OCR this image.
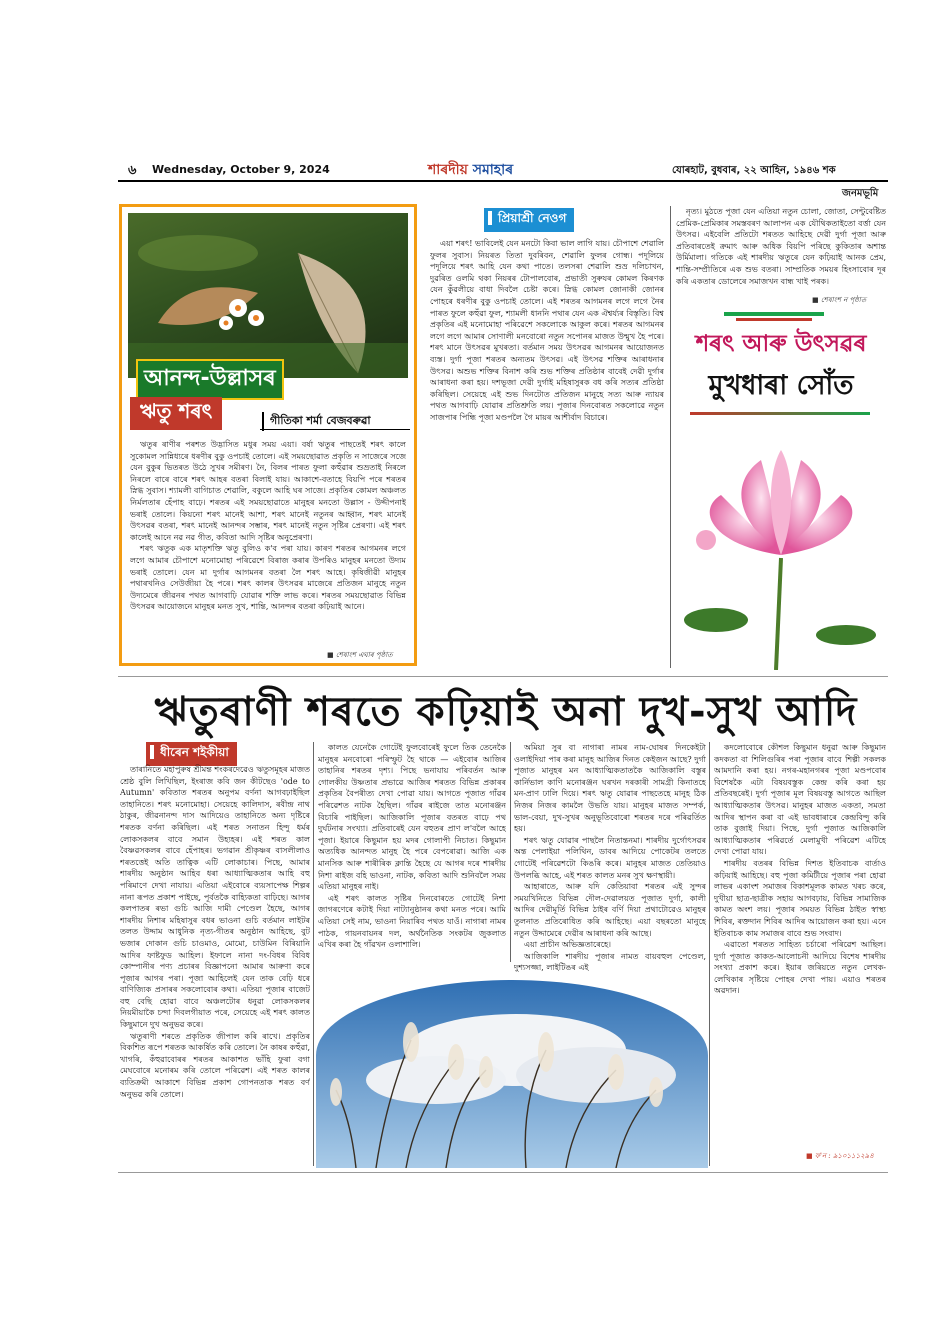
৬ Wednesday, October 9, 2024	শাৰদীয় সমাহাৰ	যোৰহাট, বুধবাৰ, ২২ আহিন, ১৯৪৬ শক
জনমভূমি
আনন্দ-উল্লাসৰ
ঋতু শৰৎ	গীতিকা শৰ্মা বেজবৰুৱা

ঋতুৰ ৰাণীৰ পৰশত উদ্ভাসিত মধুৰ সময় এয়া। বৰ্ষা ঋতুৰ পাছতেই শৰৎ কালে সুকোমল সান্নিধ্যৰে ধৰণীৰ বুকু ওপচাই তোলে। এই সময়ছোৱাত প্ৰকৃতি ন সাজেৰে সজে যেন বুকুৰ ভিতৰত উঠে সুখৰ সমীৰণ। নৈ, বিলৰ পাৰত ফুলা কহুঁৱাৰ শুভ্ৰতাই নিৰলে নিৰলে বাৰে বাৰে শৰৎ আহৰ বতৰা বিলাই যায়। আকাশে-বতাহে বিয়পি পৰে শৰতৰ স্নিগ্ধ সুবাস। শ্যামলী বাগিচাত শেৱালি, বকুলে আহি ঘৰ সাজে। প্ৰকৃতিৰ কোমল অঞ্চলত নিৰ্মলতাৰ হেঁপাহ বাঢ়ে। শৰতৰ এই সময়ছোৱাতে মানুহৰ মনতো উল্লাস - উদ্দীপনাই ভৰাই তোলে। কিয়নো শৰৎ মানেই আশা, শৰৎ মানেই নতুনৰ আহ্বান, শৰৎ মানেই উৎসৱৰ বতৰা, শৰৎ মানেই আনন্দৰ সম্ভাৰ, শৰৎ মানেই নতুন সৃষ্টিৰ প্ৰেৰণা। এই শৰৎ কালেই আনে নৱ নৱ গীত, কবিতা আদি সৃষ্টিৰ অনুপ্ৰেৰণা।

শৰৎ ঋতুক এক মাতৃশক্তি ঋতু বুলিও ক'ব পৰা যায়। কাৰণ শৰতৰ আগমনৰ লগে লগে আমাৰ চৌপাশে মনোমোহা পৰিৱেশে বিৰাজ কৰাৰ উপৰিও মানুহৰ মনতো উদ্যম ভৰাই তোলে। যেন মা দুৰ্গাৰ আগমনৰ বতৰা লৈ শৰৎ আহে। কৃষিজীৱী মানুহৰ পথাৰখনিও সেউজীয়া হৈ পৰে। শৰৎ কালৰ উৎসৱৰ মাজেৰে প্ৰতিজন মানুহে নতুন উদ্যমেৰে জীৱনৰ পথত আগবাঢ়ি যোৱাৰ শক্তি লাভ কৰে। শৰতৰ সময়ছোৱাত বিভিন্ন উৎসৱৰ আয়োজনে মানুহৰ মনত সুখ, শান্তি, আনন্দৰ বতৰা কঢ়িয়াই আনে।

■ শেষাংশ এঘাৰ পৃষ্ঠাত
প্ৰিয়াশ্ৰী নেওগ

এয়া শৰৎ! ভাবিলেই যেন মনটো কিবা ভাল লাগি যায়। চৌপাশে শেৱালি ফুলৰ সুবাস। নিয়ৰত তিতা দুবৰিবন, শেৱালি ফুলৰ গোন্ধ। পদূলিয়ে পদূলিয়ে শৰৎ আহি যেন কথা পাতে। তলসৰা শেৱালি শুভ্ৰ দলিচাখন, দুৱৰিত ওলমি থকা নিয়ৰৰ টোপালবোৰ, প্ৰভাতী সুৰুযৰ কোমল কিৰণক যেন কুঁৱলীয়ে বাধা দিবলৈ চেষ্টা কৰে। স্নিগ্ধ কোমল জোনাকী জোনৰ পোহৰে ধৰণীৰ বুকু ওপচাই তোলে। এই শৰতৰ আগমনৰ লগে লগে নৈৰ পাৰত ফুলে কহুঁৱা ফুল, শ্যামলী ধাননি পথাৰ যেন এক ঐশ্বৰ্য্যৰ বিস্তৃতি। বিশ্ব প্ৰকৃতিৰ এই মনোমোহা পৰিৱেশে সকলোকে আকুল কৰে। শৰতৰ আগমনৰ লগে লগে আমাৰ সোণালী মনবোৰো নতুন সপোনৰ মাজত উন্মুখ হৈ পৰে। শৰৎ মানে উৎসৱৰ মুখৰতা। বৰ্তমান সময় উৎসৱৰ আগমনৰ আয়োজনত ব্যস্ত। দুৰ্গা পূজা শৰতৰ অন্যতম উৎসৱ। এই উৎসৱ শক্তিৰ আৰাধনাৰ উৎসৱ। অশুভ শক্তিৰ বিনাশ কৰি শুভ শক্তিৰ প্ৰতিষ্ঠাৰ বাবেই দেৱী দুৰ্গাৰ আৰাধনা কৰা হয়। দশভূজা দেৱী দুৰ্গাই মহিষাসুৰক বধ কৰি সত্যৰ প্ৰতিষ্ঠা কৰিছিল। সেয়েহে এই শুভ দিনটোত প্ৰতিজন মানুহে সত্য আৰু ন্যায়ৰ পথত আগবাঢ়ি যোৱাৰ প্ৰতিশ্ৰুতি লয়। পূজাৰ দিনবোৰত সকলোৱে নতুন সাজপাৰ পিন্ধি পূজা মণ্ডপলৈ গৈ মায়ৰ আশীৰ্বাদ বিচাৰে।

নৃত্য। মুঠতে পূজা যেন এতিয়া নতুন চোলা, জোতা, সেন্টুবেষ্টিত প্ৰেমিক-প্ৰেমিকাৰ সমস্তবৰণ আলাপন এক যৌথিকতাইতো বৰ্ত্তা যেন উৎসৱ। এইবেলি প্ৰতিটো শৰতত আহিছে দেৱী দুৰ্গা পূজা আৰু প্ৰতিবাৰতেই ক্ৰমাৎ আৰু অধিক বিয়পি পৰিছে কুকিতাৰ অশান্ত উৰ্মিমালা। গতিকে এই শাৰদীয় ঋতুৰে যেন কঢ়িয়াই আনক প্ৰেম, শান্তি-সম্প্ৰীতিৰে এক শুভ বতৰা। সাম্প্ৰতিক সময়ৰ হিংসাবোৰ দূৰ কৰি একতাৰ ডোলেৰে সমাজখন বান্ধ খাই পৰক।

■ শেষাংশ ন পৃষ্ঠাত
শৰৎ আৰু উৎসৱৰ
মুখধাৰা সোঁত
ঋতুৰাণী শৰতে কঢ়িয়াই অনা দুখ-সুখ আদি
ধীৰেন শইকীয়া

তাৰানিতে মহাপুৰুষ শ্ৰীমন্ত শংকৰদেৱেও ঋতুসমূহৰ মাজত শ্ৰেষ্ঠ বুলি লিখিছিল, ইংৰাজ কবি জন কীটছেও 'ode to Autumn' কবিতাত শৰতৰ অনুপম বৰ্ণনা আগবঢ়াইছিল তাহানিতে। শৰৎ মনোমোহা। সেয়েহে কালিদাস, ৰবীন্দ্ৰ নাথ ঠাকুৰ, জীৱনানন্দ দাস আদিয়েও তাহানিতে অন্য দৃষ্টিৰে শৰতক বৰ্ণনা কৰিছিল। এই শৰত সনাতন হিন্দু ধৰ্মৰ লোকসকলৰ বাবে সমান উহ্যহৰ। এই শৰত কাল বৈষ্ণৱসকলৰ বাবে হেঁপাহৰ। ভগৱান শ্ৰীকৃষ্ণৰ বাসলীলাও শৰতত্তেই অতি তাত্বিক এটি লোকাচাৰ। পিছে, আমাৰ শাৰদীয় অনুষ্ঠান আহিব ধৰা আধ্যাত্মিকতাৰ আহি বহু পৰিমাণে দেখা নাযায়। এতিয়া এইবোৰে ব্যয়সাপেক্ষ শিল্পৰ নানা ৰূপত প্ৰকাশ পাইছে, পূৰ্বতকৈ বাহ্যিকতা বাঢ়িছে। আগৰ কলপাতৰ ৰভা গুচি আজি দামী পেণ্ডেল হৈছে, আগৰ শাৰদীয় নিশাৰ মহিষাসুৰ বধৰ ভাওনা গুচি বৰ্তমান লাইটৰ তলত উদ্দাম আধুনিক নৃত্য-গীতৰ অনুষ্ঠান আহিছে, বুট ভজাৰ দোকান গুচি চাওমাও, মোমো, চাউমিন বিৰিয়ানি আদিৰ ফাষ্টফুড আহিল। ইফালে নানা দং-বিধৰ বিবিধ কোম্পানীৰ পণ্য প্ৰচাৰৰ বিজ্ঞাপনো আমাৰ আৰুণা কৰে পূজাৰ আগৰ পৰা। পূজা আহিলেই যেন তাক বেঢ়ি ধৰে বাণিজ্যিক প্ৰসাৰৰ সকলোবোৰ কথা। এতিয়া পূজাৰ বাজেট বহু বেছি হোৱা বাবে অঞ্চলটোৰ ধনুৱা লোকসকলৰ নিয়মীয়াকৈ চন্দা দিবলগীয়াত পৰে, সেয়েহে এই শৰৎ কালত কিছুমানে দুখ অনুভৱ কৰে।

ঋতুৰাণী শৰতে প্ৰকৃতিক জীপাল কৰি ৰাখে। প্ৰকৃতিৰ বিকশিত ৰূপে শৰতক আকৰ্ষিত কৰি তোলে। নৈ কাষৰ কহুঁৱা, খাগৰি, কঁহুৱাবোৰৰ শৰতৰ আকাশত ভাঁহি ফুৰা বগা মেঘবোৰে মনোৰম কৰি তোলে পৰিৱেশ। এই শৰত কালৰ ব্যতিক্ৰমী আকাশে বিভিন্ন প্ৰকাশ গোপনতাক শৰত বৰ্ণ অনুভৱ কৰি তোলে।

কালত যেনেকৈ গোটেই ফুলবোৰেই ফুলে তিক তেনেকৈ মানুহৰ মনবোৰো পৰিস্ফুট হৈ থাকে — এইবোৰ আজিৰ তাহানিৰ শৰতৰ দৃশ্য। পিছে ভনাযায় পৰিবৰ্তন আৰু গোলকীয় উষ্ণতাৰ প্ৰভাৱে আজিৰ শৰতত বিভিন্ন প্ৰকাৰৰ প্ৰকৃতিৰ বৈপৰীত্য দেখা পোৱা যায়। আগতে পূজাত গাঁৱৰ পৰিৱেশত নাটক হৈছিল। গাঁৱৰ ৰাইজে তাত মনোৰঞ্জন বিচাৰি পাইছিল। আজিকালি পূজাৰ বতৰত বাঢ়ে পথ দুৰ্ঘটনাৰ সংখ্যা। প্ৰতিবাৰেই যেন বহুতৰ প্ৰাণ ল'বলৈ আহে পূজা। ইয়াৰে কিছুমান হয় মদৰ গোলাপী নিচাত। কিছুমান অত্যধিক আনন্দত মানুহ হৈ পৰে বেপৰোৱা। আজি এক মানসিক আৰু শাৰীৰিক ক্লান্তি হৈছে যে আগৰ দৰে শাৰদীয় নিশা ৰাইজ বহি ভাওনা, নাটক, কবিতা আদি শুনিবলৈ সময় এতিয়া মানুহৰ নাই।

এই শৰৎ কালত সৃষ্টিৰ দিনবোৰতে গোটেই নিশা জাগৰণেৰে কটাই দিয়া নাট্যানুষ্ঠানৰ কথা মনত পৰে। আমি এতিয়া সেই নাম, ভাওনা নিয়াৰিব পথত যাওঁ। নাগাৰা নামৰ পাঠক, গায়নবায়নৰ দল, অৰ্থনৈতিক সংকটৰ জুকলাত এখিৰ কৰা হৈ গাঁৱখন ওলাশালি।

অমিয়া সুৰ বা নাগাৰা নামৰ নাম-ঘোষৰ দিনকেইটা ওলাইদিয়া পাৰ কৰা মানুহ আজিৰ দিনত কেইজন আছে? দুৰ্গা পূজাত মানুহৰ মন আধ্যাত্মিকতাতকৈ আজিকালি বস্তুৰ কাৰ্নিভাল কাণি মনোৰঞ্জন ঘৰখন দৰকাৰী সামগ্ৰী কিনাতহে মন-প্ৰাণ ঢালি দিয়ে। শৰৎ ঋতু যোৱাৰ পাছতেহে মানুহ ঠিক নিজৰ নিজৰ কামলৈ উভতি যায়। মানুহৰ মাজত সম্পৰ্ক, ভাল-বেয়া, দুখ-সুখৰ অনুভূতিবোৰো শৰতৰ দৰে পৰিৱৰ্তিত হয়।

শৰৎ ঋতু যোৱাৰ পাছলৈ নিতান্তনমা। শাৰদীয় দুৰ্গোৎসৱৰ অন্ত পেলাইয়া পলিথিন, ডাবৰ আদিয়ে পোকেটৰ তলতে গোটেই পৰিৱেশটো কিঙৰি কৰে। মানুহৰ মাজত তেতিয়াও উপলব্ধি আহে, এই শৰত কালত মনৰ সুখ ক্ষণস্থায়ী।

আহাৰাতে, আৰু যদি কেতিয়াবা শৰতৰ এই সুন্দৰ সময়খিনিতে বিভিন্ন দৌল-দেৱালয়ত পূজাত দুৰ্গা, কালী আদিৰ দেৱীমূৰ্তি বিভিন্ন ঠাইৰ বৰ্ণি দিয়া প্ৰথাটোৱেও মানুহৰ তুলনাত প্ৰতিৰোধিত কৰি আহিছে। এয়া বছৰতো মানুহে নতুন উদ্দামেৰে দেৱীৰ আৰাধনা কৰি আছে।

এয়া প্ৰাচীন অভিজ্ঞতাৰেহে।

আজিকালি শাৰদীয় পূজাৰ নামত বায়বহুল পেণ্ডেল, দুশ্যসজ্জা, লাইটিঙৰ এই

কদলোবোৰে কৌশল কিছুমান ধনুৱা আৰু কিছুমান কদকতা বা শিলিগুৰিৰ পৰা পূজাৰ বাবে শিল্পী সকলক আমদানি কৰা হয়। নগৰ-মহানগৰৰ পূজা মণ্ডপবোৰ বিশেষকৈ এটা বিষয়বস্তুক কেন্দ্ৰ কৰি কৰা হয় প্ৰতিবছৰেই। দুৰ্গা পূজাৰ মূল বিষয়বস্তু আগতে আছিল আধ্যাত্মিকতাৰ উৎসৱ। মানুহৰ মাজত একতা, সমতা আদিৰ স্থাপন কৰা বা এই ভাবধাৰাৰে কেন্দ্ৰবিন্দু কৰি তাক বুজাই দিয়া। পিছে, দুৰ্গা পূজাত আজিকালি আধ্যাত্মিকতাৰ পৰিৱৰ্তে মেলামুখী পৰিৱেশ এটিহে দেখা পোৱা যায়।

শাৰদীয় বতৰৰ বিভিন্ন দিশত ইতিবাচক বাৰ্তাও কঢ়িয়াই আহিছে। বহু পূজা কমিটীয়ে পূজাৰ পৰা হোৱা লাভৰ একাংশ সমাজৰ বিকাশমূলক কামত খৰচ কৰে, দুখীয়া ছাত্ৰ-ছাত্ৰীক সহায় আগবঢ়ায়, বিভিন্ন সামাজিক কামত অংশ লয়। পূজাৰ সময়ত বিভিন্ন ঠাইত স্বাস্থ্য শিবিৰ, ৰক্তদান শিবিৰ আদিৰ আয়োজন কৰা হয়। এনে ইতিবাচক কাম সমাজৰ বাবে শুভ সংবাদ।

এৱাতো শৰতত সাহিত্য চৰ্চাৰো পৰিৱেশ আছিল। দুৰ্গা পূজাত কাকত-আলোচনী আদিয়ে বিশেষ শাৰদীয় সংখ্যা প্ৰকাশ কৰে। ইয়াৰ জৰিয়তে নতুন লেখক-লেখিকাৰ সৃষ্টিয়ে পোহৰ দেখা পায়। এয়াও শৰতৰ অৱদান।

■ ফ'ন : ৯১০১১১২৯৪
